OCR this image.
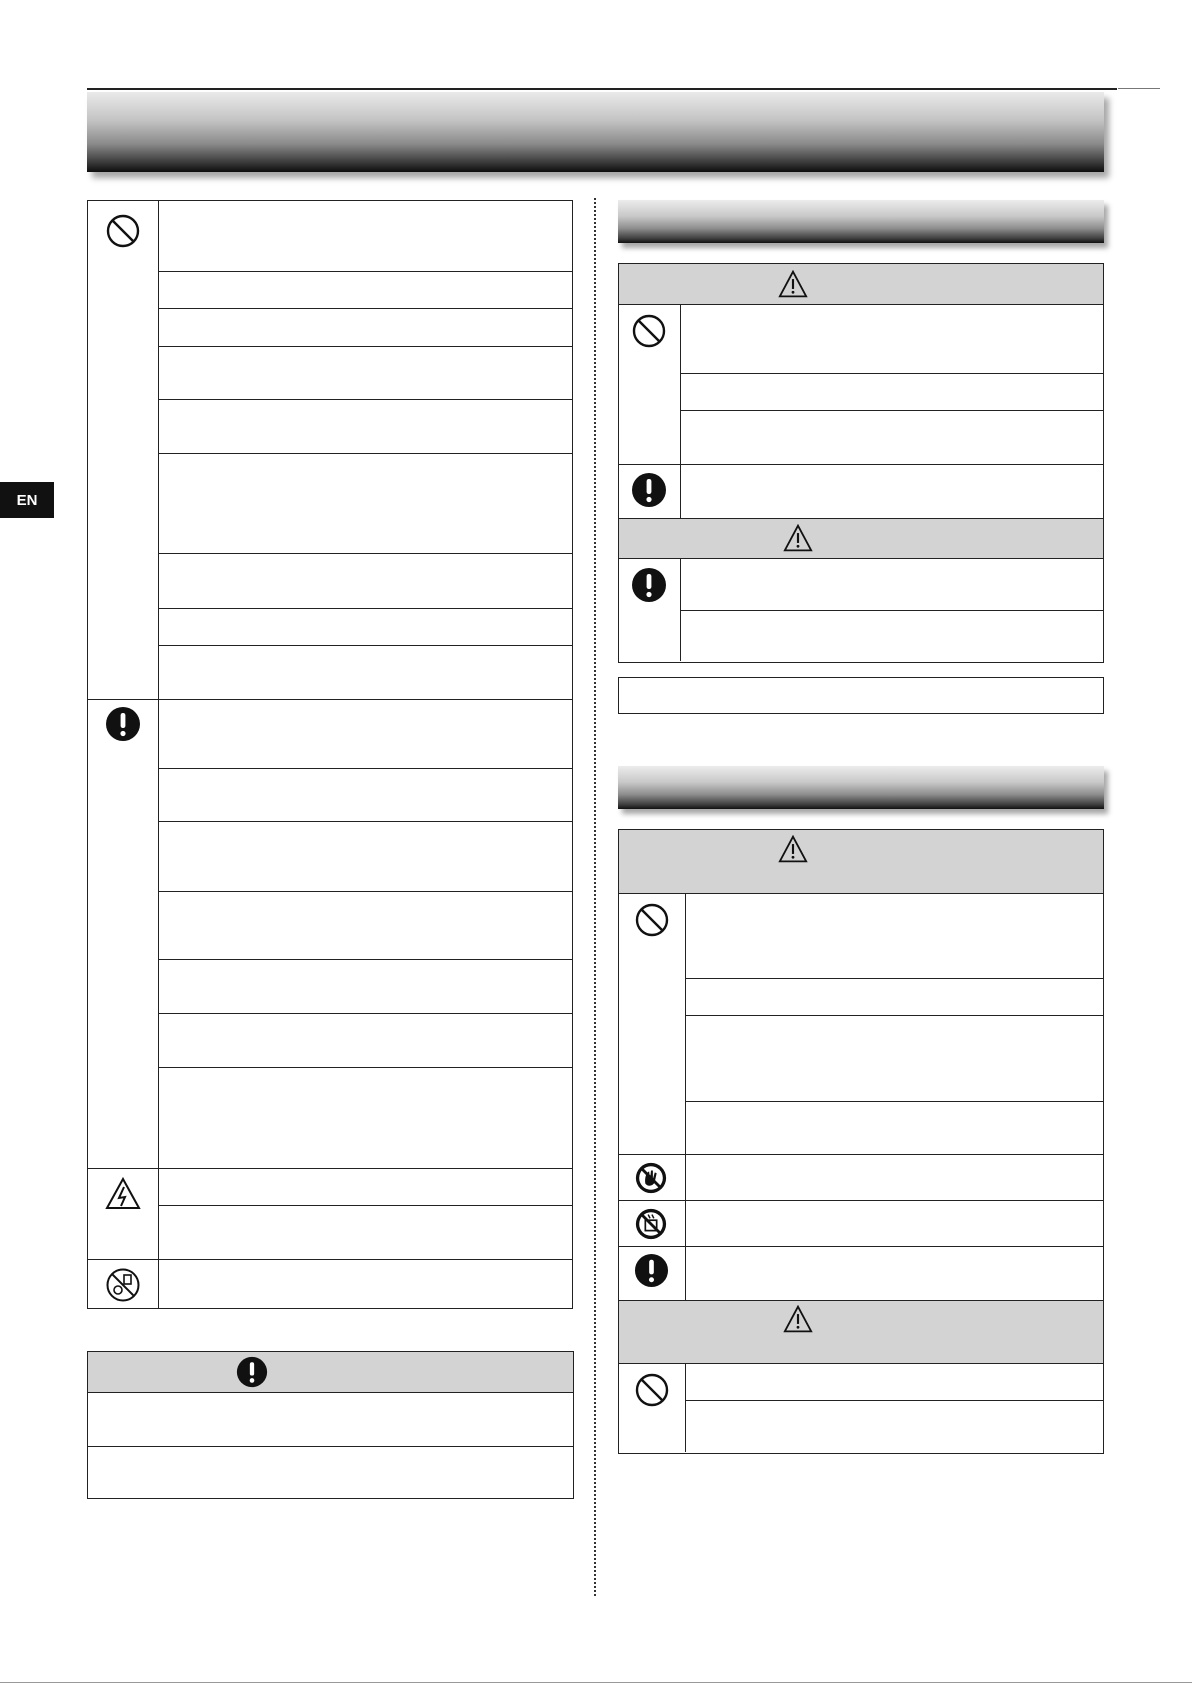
EN
